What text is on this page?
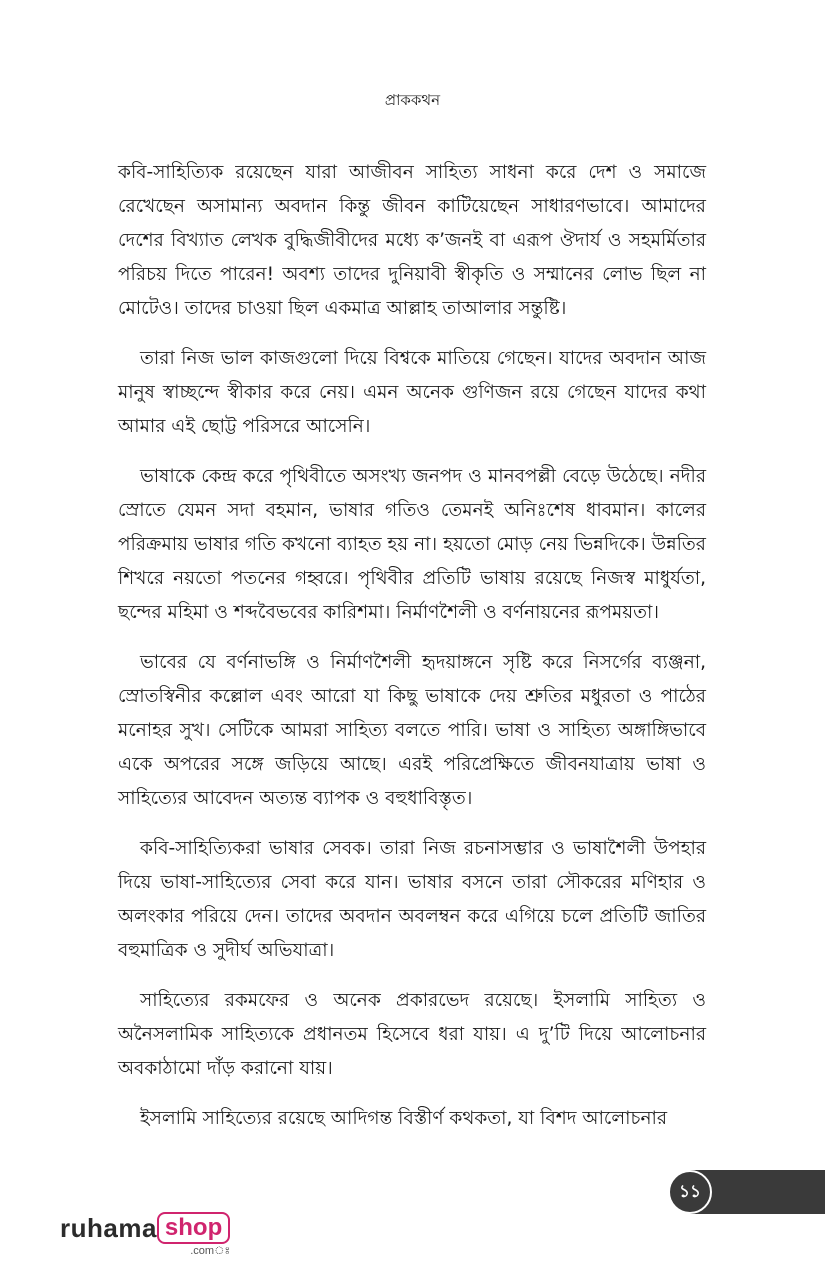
প্রাককথন

কবি-সাহিত্যিক রয়েছেন যারা আজীবন সাহিত্য সাধনা করে দেশ ও সমাজে রেখেছেন অসামান্য অবদান কিন্তু জীবন কাটিয়েছেন সাধারণভাবে। আমাদের দেশের বিখ্যাত লেখক বুদ্ধিজীবীদের মধ্যে ক’জনই বা এরূপ ঔদার্য ও সহমর্মিতার পরিচয় দিতে পারেন! অবশ্য তাদের দুনিয়াবী স্বীকৃতি ও সম্মানের লোভ ছিল না মোটেও। তাদের চাওয়া ছিল একমাত্র আল্লাহ তাআলার সন্তুষ্টি।

তারা নিজ ভাল কাজগুলো দিয়ে বিশ্বকে মাতিয়ে গেছেন। যাদের অবদান আজ মানুষ স্বাচ্ছন্দে স্বীকার করে নেয়। এমন অনেক গুণিজন রয়ে গেছেন যাদের কথা আমার এই ছোট্ট পরিসরে আসেনি।

ভাষাকে কেন্দ্র করে পৃথিবীতে অসংখ্য জনপদ ও মানবপল্লী বেড়ে উঠেছে। নদীর স্রোতে যেমন সদা বহমান, ভাষার গতিও তেমনই অনিঃশেষ ধাবমান। কালের পরিক্রমায় ভাষার গতি কখনো ব্যাহত হয় না। হয়তো মোড় নেয় ভিন্নদিকে। উন্নতির শিখরে নয়তো পতনের গহ্বরে। পৃথিবীর প্রতিটি ভাষায় রয়েছে নিজস্ব মাধুর্যতা, ছন্দের মহিমা ও শব্দবৈভবের কারিশমা। নির্মাণশৈলী ও বর্ণনায়নের রূপময়তা।

ভাবের যে বর্ণনাভঙ্গি ও নির্মাণশৈলী হৃদয়াঙ্গনে সৃষ্টি করে নিসর্গের ব্যঞ্জনা, স্রোতস্বিনীর কল্লোল এবং আরো যা কিছু ভাষাকে দেয় শ্রুতির মধুরতা ও পাঠের মনোহর সুখ। সেটিকে আমরা সাহিত্য বলতে পারি। ভাষা ও সাহিত্য অঙ্গাঙ্গিভাবে একে অপরের সঙ্গে জড়িয়ে আছে। এরই পরিপ্রেক্ষিতে জীবনযাত্রায় ভাষা ও সাহিত্যের আবেদন অত্যন্ত ব্যাপক ও বহুধাবিস্তৃত।

কবি-সাহিত্যিকরা ভাষার সেবক। তারা নিজ রচনাসম্ভার ও ভাষাশৈলী উপহার দিয়ে ভাষা-সাহিত্যের সেবা করে যান। ভাষার বসনে তারা সৌকরের মণিহার ও অলংকার পরিয়ে দেন। তাদের অবদান অবলম্বন করে এগিয়ে চলে প্রতিটি জাতির বহুমাত্রিক ও সুদীর্ঘ অভিযাত্রা।

সাহিত্যের রকমফের ও অনেক প্রকারভেদ রয়েছে। ইসলামি সাহিত্য ও অনৈসলামিক সাহিত্যকে প্রধানতম হিসেবে ধরা যায়। এ দু’টি দিয়ে আলোচনার অবকাঠামো দাঁড় করানো যায়।

ইসলামি সাহিত্যের রয়েছে আদিগন্ত বিস্তীর্ণ কথকতা, যা বিশদ আলোচনার

১১
ruhama shop
.comঃ
